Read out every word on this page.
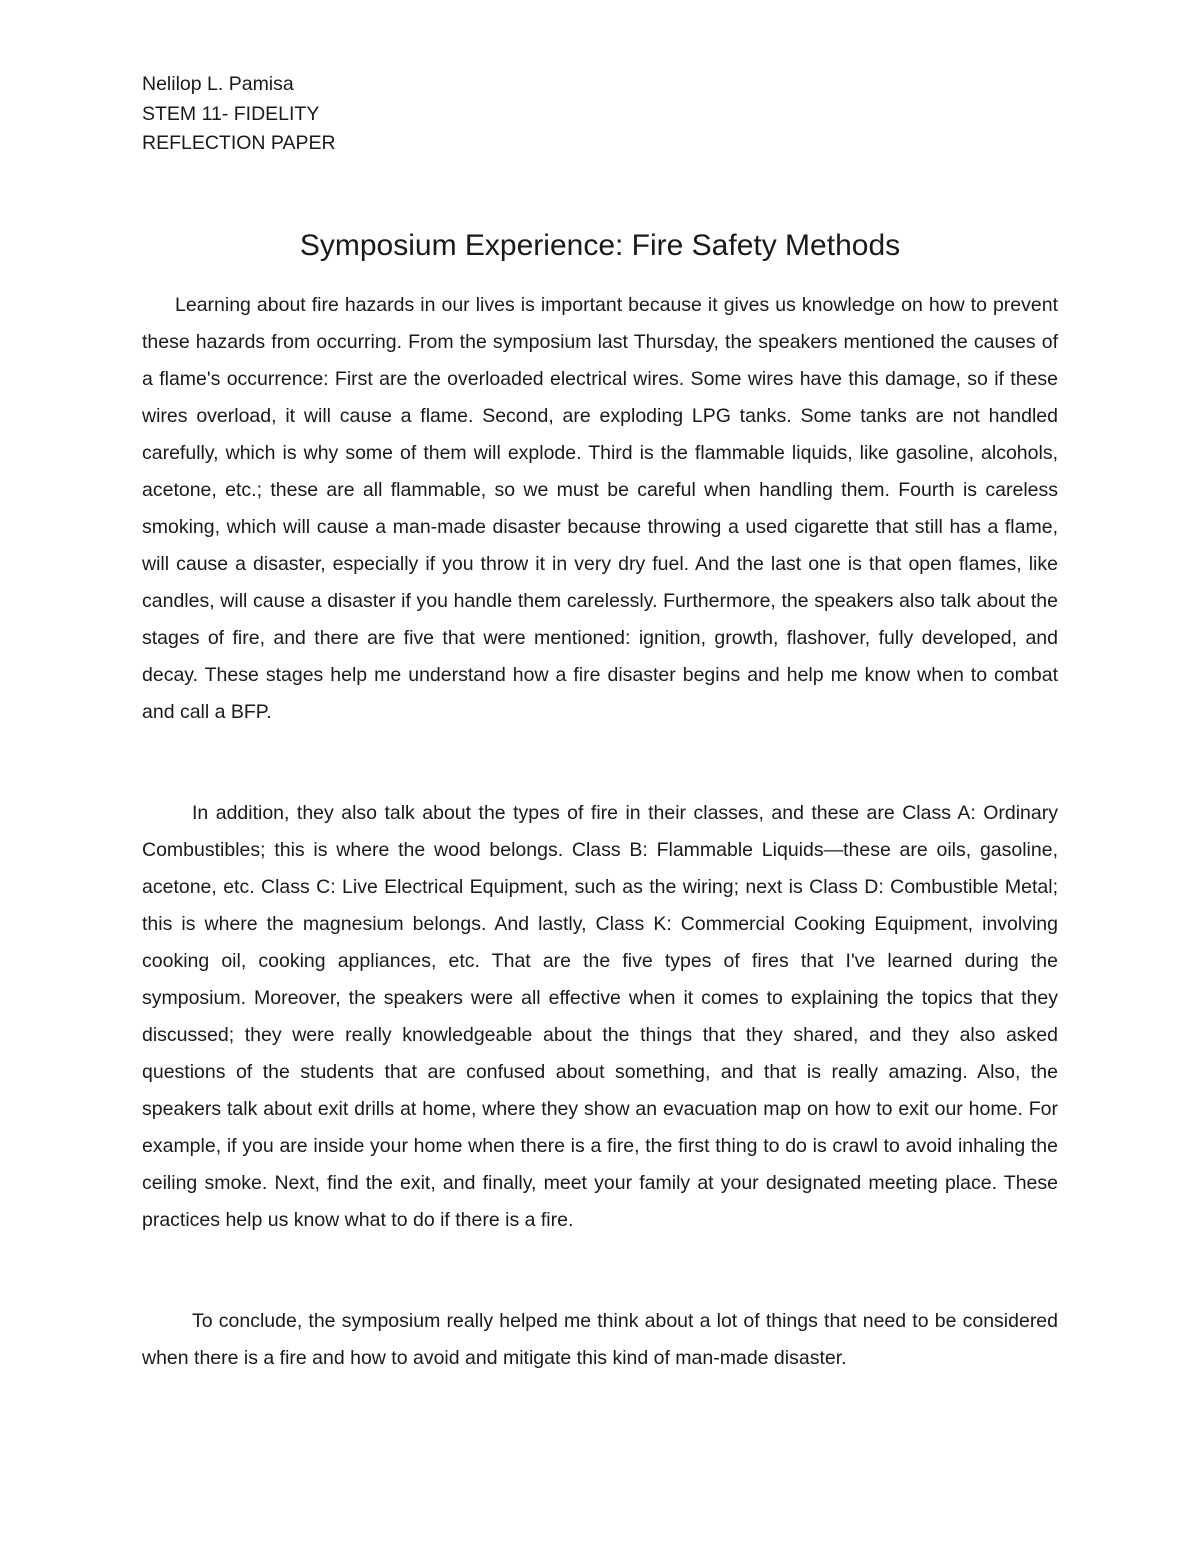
Nelilop L. Pamisa
STEM 11- FIDELITY
REFLECTION PAPER
Symposium Experience: Fire Safety Methods

Learning about fire hazards in our lives is important because it gives us knowledge on how to prevent these hazards from occurring. From the symposium last Thursday, the speakers mentioned the causes of a flame's occurrence: First are the overloaded electrical wires. Some wires have this damage, so if these wires overload, it will cause a flame. Second, are exploding LPG tanks. Some tanks are not handled carefully, which is why some of them will explode. Third is the flammable liquids, like gasoline, alcohols, acetone, etc.; these are all flammable, so we must be careful when handling them. Fourth is careless smoking, which will cause a man-made disaster because throwing a used cigarette that still has a flame, will cause a disaster, especially if you throw it in very dry fuel. And the last one is that open flames, like candles, will cause a disaster if you handle them carelessly. Furthermore, the speakers also talk about the stages of fire, and there are five that were mentioned: ignition, growth, flashover, fully developed, and decay. These stages help me understand how a fire disaster begins and help me know when to combat and call a BFP.

In addition, they also talk about the types of fire in their classes, and these are Class A: Ordinary Combustibles; this is where the wood belongs. Class B: Flammable Liquids—these are oils, gasoline, acetone, etc. Class C: Live Electrical Equipment, such as the wiring; next is Class D: Combustible Metal; this is where the magnesium belongs. And lastly, Class K: Commercial Cooking Equipment, involving cooking oil, cooking appliances, etc. That are the five types of fires that I've learned during the symposium. Moreover, the speakers were all effective when it comes to explaining the topics that they discussed; they were really knowledgeable about the things that they shared, and they also asked questions of the students that are confused about something, and that is really amazing. Also, the speakers talk about exit drills at home, where they show an evacuation map on how to exit our home. For example, if you are inside your home when there is a fire, the first thing to do is crawl to avoid inhaling the ceiling smoke. Next, find the exit, and finally, meet your family at your designated meeting place. These practices help us know what to do if there is a fire.

To conclude, the symposium really helped me think about a lot of things that need to be considered when there is a fire and how to avoid and mitigate this kind of man-made disaster.
